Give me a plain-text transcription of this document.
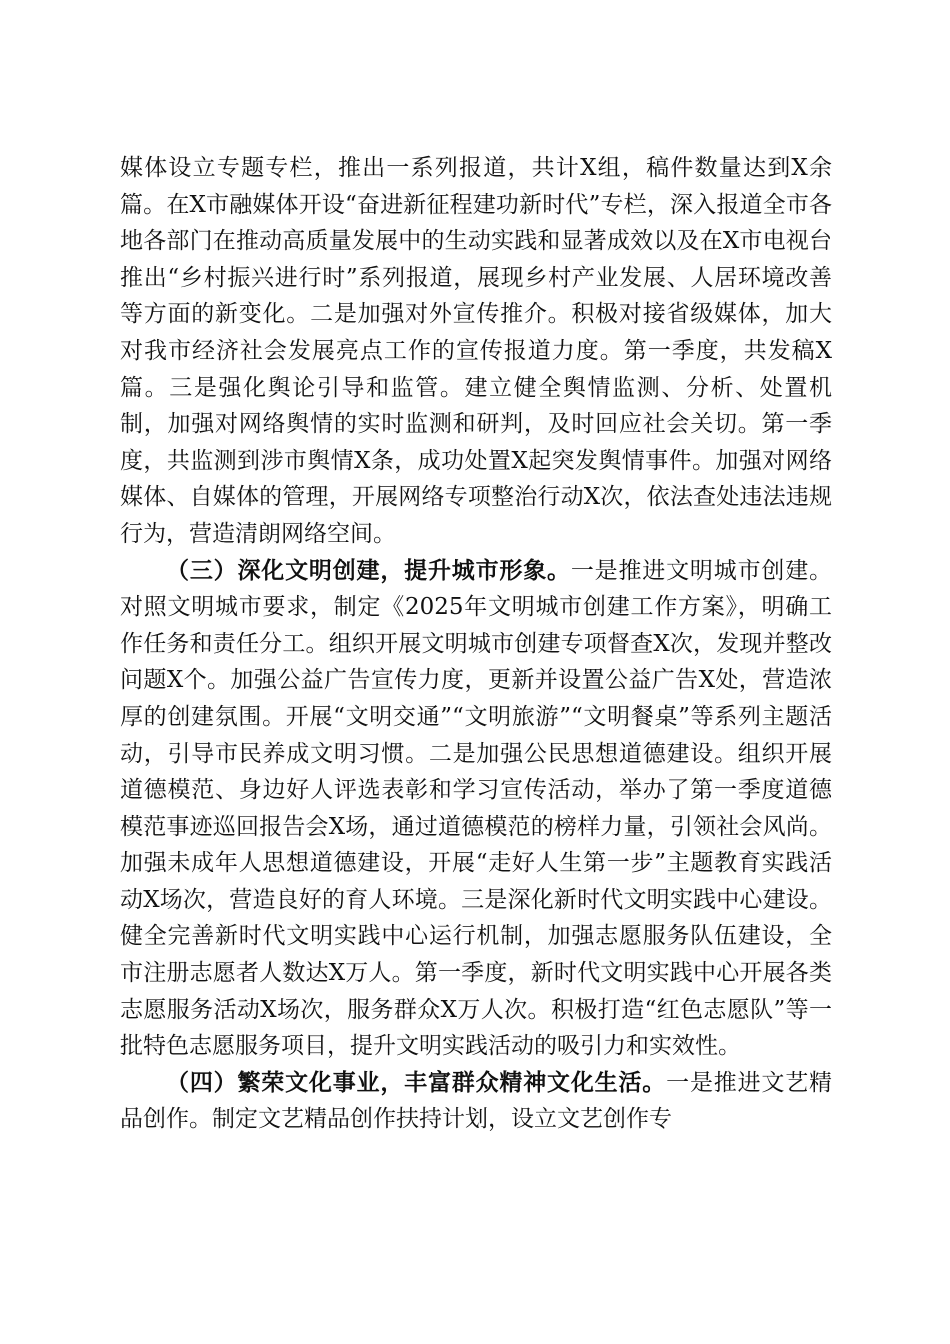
媒体设立专题专栏，推出一系列报道，共计X组，稿件数量达到X余篇。在X市融媒体开设“奋进新征程建功新时代”专栏，深入报道全市各地各部门在推动高质量发展中的生动实践和显著成效以及在X市电视台推出“乡村振兴进行时”系列报道，展现乡村产业发展、人居环境改善等方面的新变化。二是加强对外宣传推介。积极对接省级媒体，加大对我市经济社会发展亮点工作的宣传报道力度。第一季度，共发稿X篇。三是强化舆论引导和监管。建立健全舆情监测、分析、处置机制，加强对网络舆情的实时监测和研判，及时回应社会关切。第一季度，共监测到涉市舆情X条，成功处置X起突发舆情事件。加强对网络媒体、自媒体的管理，开展网络专项整治行动X次，依法查处违法违规行为，营造清朗网络空间。

（三）深化文明创建，提升城市形象。一是推进文明城市创建。对照文明城市要求，制定《2025年文明城市创建工作方案》，明确工作任务和责任分工。组织开展文明城市创建专项督查X次，发现并整改问题X个。加强公益广告宣传力度，更新并设置公益广告X处，营造浓厚的创建氛围。开展“文明交通”“文明旅游”“文明餐桌”等系列主题活动，引导市民养成文明习惯。二是加强公民思想道德建设。组织开展道德模范、身边好人评选表彰和学习宣传活动，举办了第一季度道德模范事迹巡回报告会X场，通过道德模范的榜样力量，引领社会风尚。加强未成年人思想道德建设，开展“走好人生第一步”主题教育实践活动X场次，营造良好的育人环境。三是深化新时代文明实践中心建设。健全完善新时代文明实践中心运行机制，加强志愿服务队伍建设，全市注册志愿者人数达X万人。第一季度，新时代文明实践中心开展各类志愿服务活动X场次，服务群众X万人次。积极打造“红色志愿队”等一批特色志愿服务项目，提升文明实践活动的吸引力和实效性。

（四）繁荣文化事业，丰富群众精神文化生活。一是推进文艺精品创作。制定文艺精品创作扶持计划，设立文艺创作专
